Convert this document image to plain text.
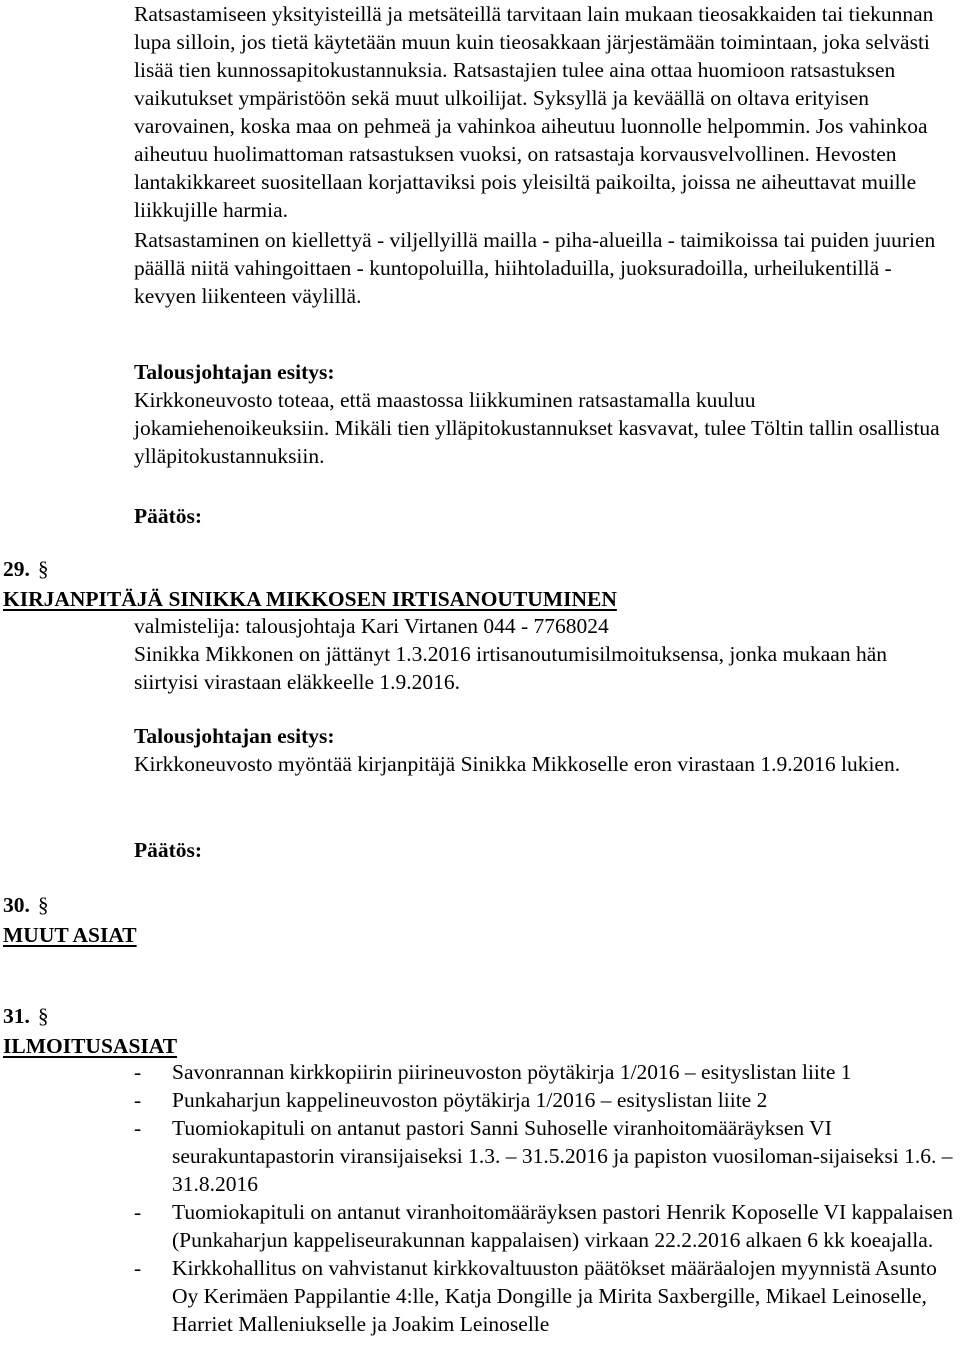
Ratsastamiseen yksityisteillä ja metsäteillä tarvitaan lain mukaan tieosakkaiden tai tiekunnan lupa silloin, jos tietä käytetään muun kuin tieosakkaan järjestämään toimintaan, joka selvästi lisää tien kunnossapitokustannuksia. Ratsastajien tulee aina ottaa huomioon ratsastuksen vaikutukset ympäristöön sekä muut ulkoilijat. Syksyllä ja keväällä on oltava erityisen varovainen, koska maa on pehmeä ja vahinkoa aiheutuu luonnolle helpommin. Jos vahinkoa aiheutuu huolimattoman ratsastuksen vuoksi, on ratsastaja korvausvelvollinen. Hevosten lantakikkareet suositellaan korjattaviksi pois yleisiltä paikoilta, joissa ne aiheuttavat muille liikkujille harmia.

Ratsastaminen on kiellettyä - viljellyillä mailla - piha-alueilla - taimikoissa tai puiden juurien päällä niitä vahingoittaen - kuntopoluilla, hiihtoladuilla, juoksuradoilla, urheilukentillä - kevyen liikenteen väylillä.

Talousjohtajan esitys:

Kirkkoneuvosto toteaa, että maastossa liikkuminen ratsastamalla kuuluu jokamiehenoikeuksiin. Mikäli tien ylläpitokustannukset kasvavat, tulee Töltin tallin osallistua ylläpitokustannuksiin.

Päätös:

29. §
KIRJANPITÄJÄ SINIKKA MIKKOSEN IRTISANOUTUMINEN

valmistelija: talousjohtaja Kari Virtanen 044 - 7768024

Sinikka Mikkonen on jättänyt 1.3.2016 irtisanoutumisilmoituksensa, jonka mukaan hän siirtyisi virastaan eläkkeelle 1.9.2016.

Talousjohtajan esitys:

Kirkkoneuvosto myöntää kirjanpitäjä Sinikka Mikkoselle eron virastaan 1.9.2016 lukien.

Päätös:

30. §
MUUT ASIAT
31. §
ILMOITUSASIAT
- Savonrannan kirkkopiirin piirineuvoston pöytäkirja 1/2016 – esityslistan liite 1
- Punkaharjun kappelineuvoston pöytäkirja 1/2016 – esityslistan liite 2
- Tuomiokapituli on antanut pastori Sanni Suhoselle viranhoitomääräyksen VI seurakuntapastorin viransijaiseksi 1.3. – 31.5.2016 ja papiston vuosiloman-sijaiseksi 1.6. – 31.8.2016
- Tuomiokapituli on antanut viranhoitomääräyksen pastori Henrik Koposelle VI kappalaisen (Punkaharjun kappeliseurakunnan kappalaisen) virkaan 22.2.2016 alkaen 6 kk koeajalla.
- Kirkkohallitus on vahvistanut kirkkovaltuuston päätökset määräalojen myynnistä Asunto Oy Kerimäen Pappilantie 4:lle, Katja Dongille ja Mirita Saxbergille, Mikael Leinoselle, Harriet Malleniukselle ja Joakim Leinoselle
